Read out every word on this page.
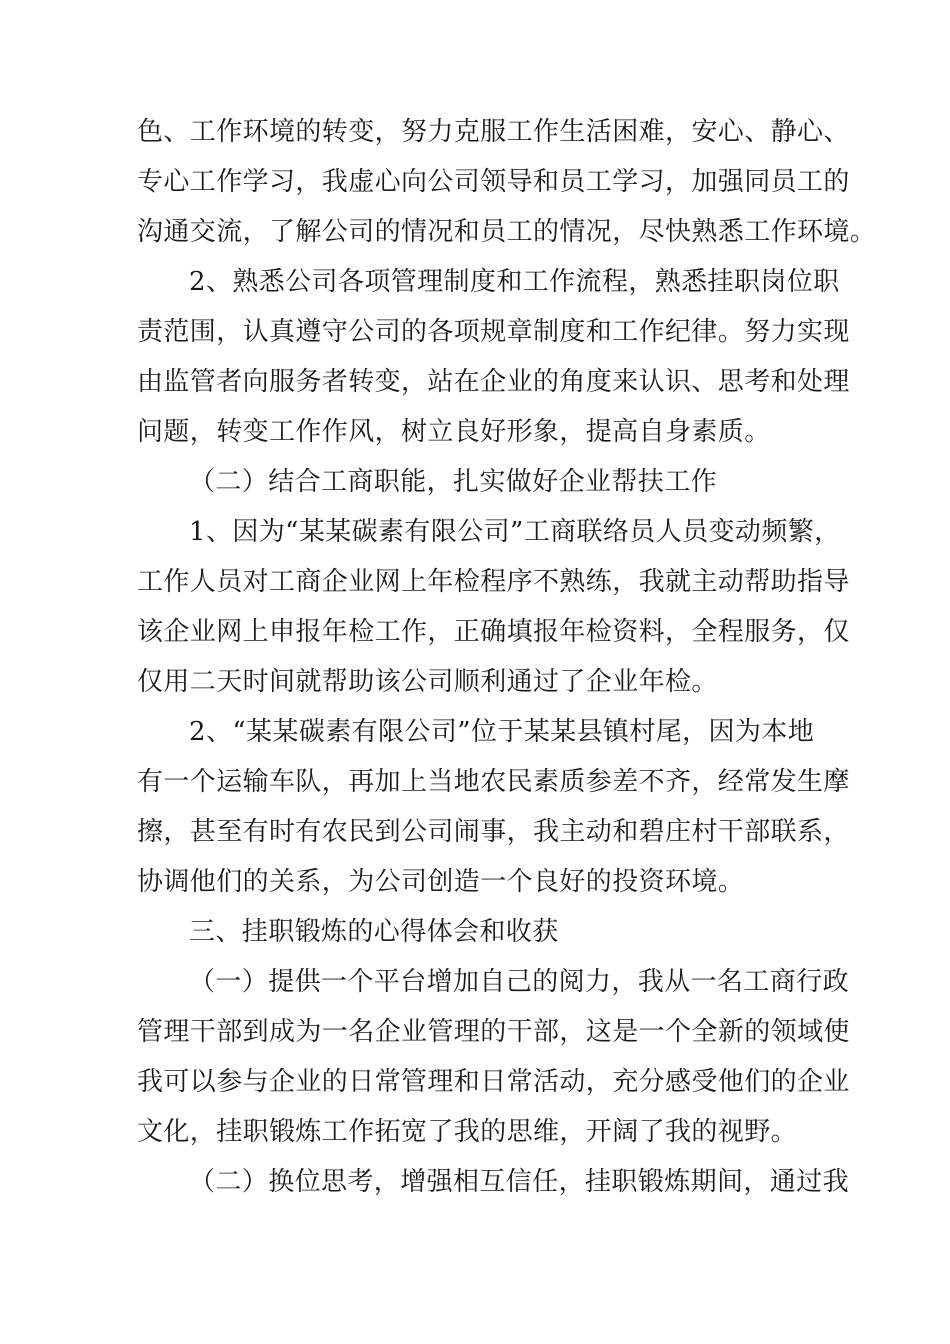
色、工作环境的转变，努力克服工作生活困难，安心、静心、
专心工作学习，我虚心向公司领导和员工学习，加强同员工的
沟通交流，了解公司的情况和员工的情况，尽快熟悉工作环境。
2、熟悉公司各项管理制度和工作流程，熟悉挂职岗位职
责范围，认真遵守公司的各项规章制度和工作纪律。努力实现
由监管者向服务者转变，站在企业的角度来认识、思考和处理
问题，转变工作作风，树立良好形象，提高自身素质。
（二）结合工商职能，扎实做好企业帮扶工作
1、因为“某某碳素有限公司”工商联络员人员变动频繁，
工作人员对工商企业网上年检程序不熟练，我就主动帮助指导
该企业网上申报年检工作，正确填报年检资料，全程服务，仅
仅用二天时间就帮助该公司顺利通过了企业年检。
2、“某某碳素有限公司”位于某某县镇村尾，因为本地
有一个运输车队，再加上当地农民素质参差不齐，经常发生摩
擦，甚至有时有农民到公司闹事，我主动和碧庄村干部联系，
协调他们的关系，为公司创造一个良好的投资环境。
三、挂职锻炼的心得体会和收获
（一）提供一个平台增加自己的阅力，我从一名工商行政
管理干部到成为一名企业管理的干部，这是一个全新的领域使
我可以参与企业的日常管理和日常活动，充分感受他们的企业
文化，挂职锻炼工作拓宽了我的思维，开阔了我的视野。
（二）换位思考，增强相互信任，挂职锻炼期间，通过我
